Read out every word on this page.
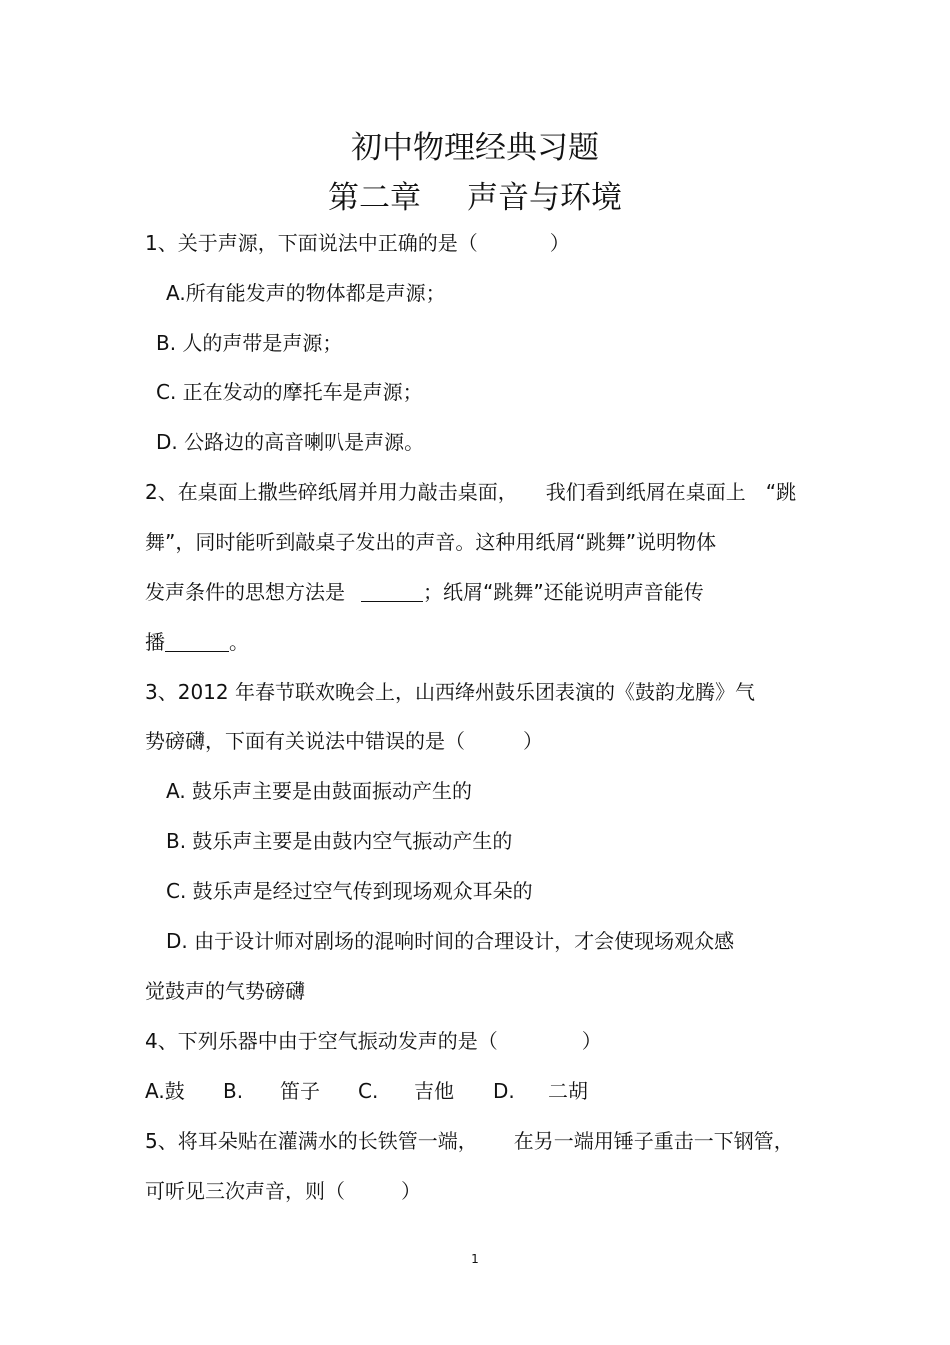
初中物理经典习题
第二章 声音与环境
1、关于声源，下面说法中正确的是（	）
A.所有能发声的物体都是声源；
B. 人的声带是声源；
C. 正在发动的摩托车是声源；
D. 公路边的高音喇叭是声源。
2、在桌面上撒些碎纸屑并用力敲击桌面， 我们看到纸屑在桌面上 “跳
舞”，同时能听到敲桌子发出的声音。这种用纸屑“跳舞”说明物体
发声条件的思想方法是	；纸屑“跳舞”还能说明声音能传
播	。
3、2012 年春节联欢晚会上，山西绛州鼓乐团表演的《鼓韵龙腾》气
势磅礴，下面有关说法中错误的是（	）
A. 鼓乐声主要是由鼓面振动产生的
B. 鼓乐声主要是由鼓内空气振动产生的
C. 鼓乐声是经过空气传到现场观众耳朵的
D. 由于设计师对剧场的混响时间的合理设计，才会使现场观众感
觉鼓声的气势磅礴
4、下列乐器中由于空气振动发声的是（	）
A.鼓 B. 笛子 C. 吉他 D. 二胡
5、将耳朵贴在灌满水的长铁管一端， 在另一端用锤子重击一下钢管，
可听见三次声音，则（	）
1
